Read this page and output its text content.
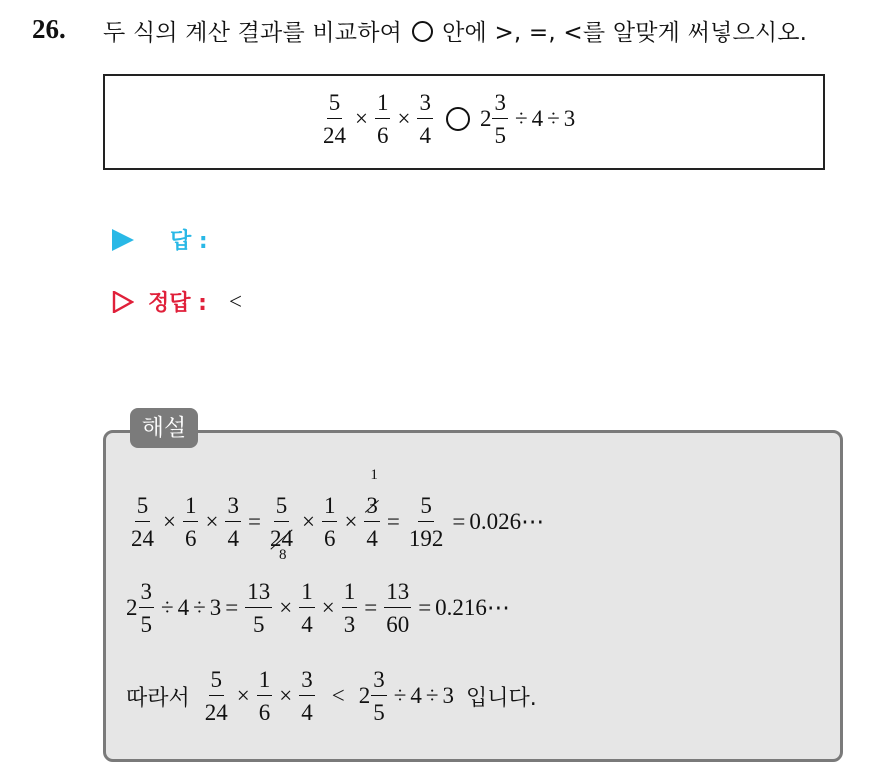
26. 두 식의 계산 결과를 비교하여 안에 >, =, <를 알맞게 써넣으시오.
$\frac{5}{24} \times \frac{1}{6} \times \frac{3}{4} 2 \frac{3}{5} \div 4 \div 3$
답 :
정답 : <
해설
$\frac{5}{24} \times \frac{1}{6} \times \frac{3}{4}$ =
5
24
8
× $\frac{1}{6}$ ×
1
3
4
= $\frac{5}{192}$ = 0.026⋯
$2 \frac{3}{5} \div 4 \div 3 = \frac{13}{5} \times \frac{1}{4} \times \frac{1}{3} = \frac{13}{60}$ = 0.216⋯
따라서 $\frac{5}{24} \times \frac{1}{6} \times \frac{3}{4} < 2 \frac{3}{5} \div 4 \div 3$ 입니다.
